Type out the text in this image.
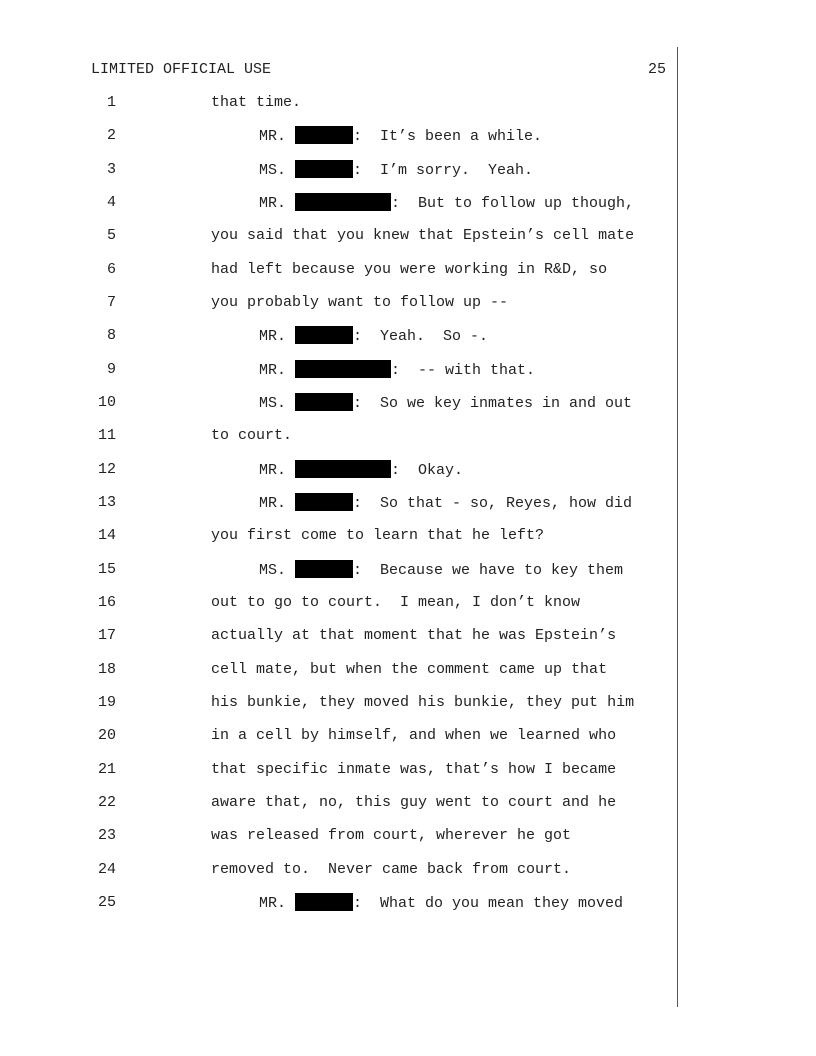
LIMITED OFFICIAL USE	25
1	that time.
2	MR.	:  It’s been a while.
3	MS.	:  I’m sorry.  Yeah.
4	MR.	:  But to follow up though,
5	you said that you knew that Epstein’s cell mate
6	had left because you were working in R&D, so
7	you probably want to follow up --
8	MR.	:  Yeah.  So -.
9	MR.	:  -- with that.
10	MS.	:  So we key inmates in and out
11	to court.
12	MR.	:  Okay.
13	MR.	:  So that - so, Reyes, how did
14	you first come to learn that he left?
15	MS.	:  Because we have to key them
16	out to go to court.  I mean, I don’t know
17	actually at that moment that he was Epstein’s
18	cell mate, but when the comment came up that
19	his bunkie, they moved his bunkie, they put him
20	in a cell by himself, and when we learned who
21	that specific inmate was, that’s how I became
22	aware that, no, this guy went to court and he
23	was released from court, wherever he got
24	removed to.  Never came back from court.
25	MR.	:  What do you mean they moved
